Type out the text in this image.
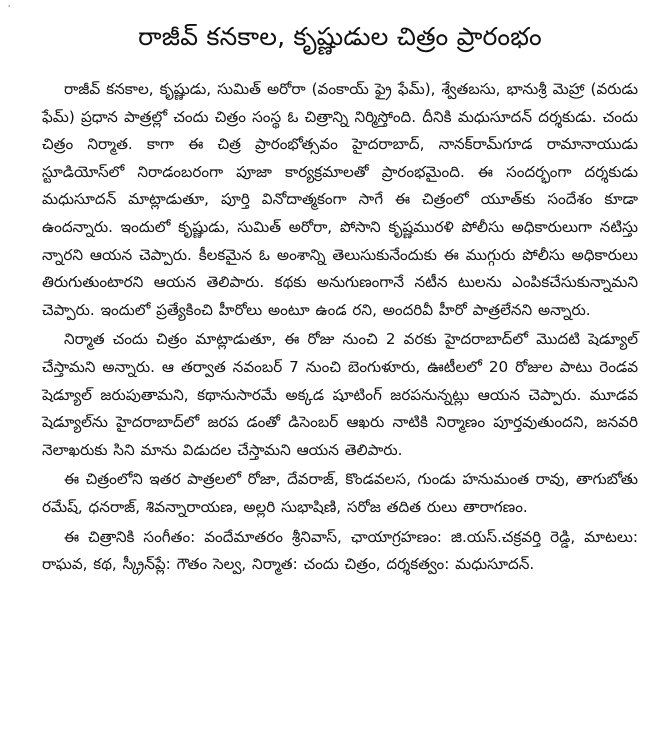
'
రాజీవ్ కనకాల, కృష్ణుడుల చిత్రం ప్రారంభం

రాజీవ్ కనకాల, కృష్ణుడు, సుమిత్ అరోరా (వంకాయ్ ఫ్రై ఫేమ్), శ్వేతబసు, భానుశ్రీ మెహ్రా (వరుడు ఫేమ్) ప్రధాన పాత్రల్లో చందు చిత్రం సంస్థ ఓ చిత్రాన్ని నిర్మిస్తోంది. దీనికి మధుసూదన్ దర్శకుడు. చందు చిత్రం నిర్మాత. కాగా ఈ చిత్ర ప్రారంభోత్సవం హైదరాబాద్, నానక్‌రామ్‌గూడ రామానాయుడు స్టూడియోస్‌లో నిరాడంబరంగా పూజా కార్యక్రమాలతో ప్రారంభమైంది. ఈ సందర్భంగా దర్శకుడు మధుసూదన్ మాట్లాడుతూ, పూర్తి వినోదాత్మకంగా సాగే ఈ చిత్రంలో యూత్‌కు సందేశం కూడా ఉందన్నారు. ఇందులో కృష్ణుడు, సుమిత్ అరోరా, పోసాని కృష్ణమురళి పోలీసు అధికారులుగా నటిస్తు న్నారని ఆయన చెప్పారు. కీలకమైన ఓ అంశాన్ని తెలుసుకునేందుకు ఈ ముగ్గురు పోలీసు అధికారులు తిరుగుతుంటారని ఆయన తెలిపారు. కథకు అనుగుణంగానే నటీన టులను ఎంపికచేసుకున్నామని చెప్పారు. ఇందులో ప్రత్యేకించి హీరోలు అంటూ ఉండ రని, అందరివీ హీరో పాత్రలేనని అన్నారు.

నిర్మాత చందు చిత్రం మాట్లాడుతూ, ఈ రోజు నుంచి 2 వరకు హైదరాబాద్‌లో మొదటి షెడ్యూల్ చేస్తామని అన్నారు. ఆ తర్వాత నవంబర్ 7 నుంచి బెంగుళూరు, ఊటీలలో 20 రోజుల పాటు రెండవ షెడ్యూల్ జరుపుతామని, కథానుసారమే అక్కడ షూటింగ్ జరపనున్నట్లు ఆయన చెప్పారు. మూడవ షెడ్యూల్‌ను హైదరాబాద్‌లో జరప డంతో డిసెంబర్ ఆఖరు నాటికి నిర్మాణం పూర్తవుతుందని, జనవరి నెలాఖరుకు సిని మాను విడుదల చేస్తామని ఆయన తెలిపారు.

ఈ చిత్రంలోని ఇతర పాత్రలలో రోజా, దేవరాజ్, కొండవలస, గుండు హనుమంత రావు, తాగుబోతు రమేష్, ధనరాజ్, శివన్నారాయణ, అల్లరి సుభాషిణి, సరోజ తదిత రులు తారాగణం.

ఈ చిత్రానికి సంగీతం: వందేమాతరం శ్రీనివాస్, ఛాయాగ్రహణం: జి.యస్.చక్రవర్తి రెడ్డి, మాటలు: రాఘవ, కథ, స్క్రీన్‌ప్లే: గౌతం సెల్వ, నిర్మాత: చందు చిత్రం, దర్శకత్వం: మధుసూదన్.
